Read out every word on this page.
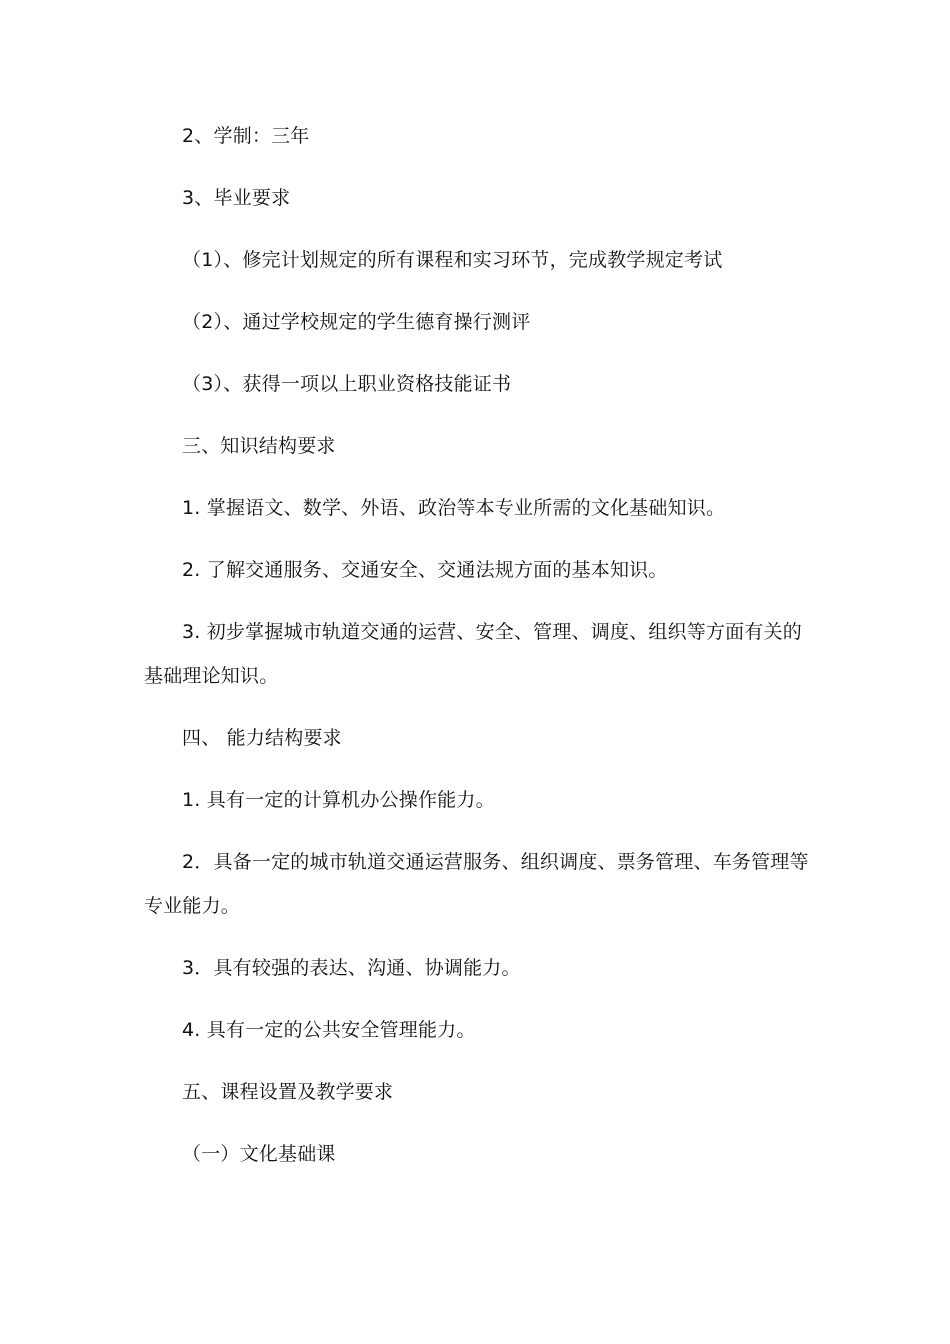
2、学制：三年
3、毕业要求
（1）、修完计划规定的所有课程和实习环节，完成教学规定考试
（2）、通过学校规定的学生德育操行测评
（3）、获得一项以上职业资格技能证书
三、知识结构要求
1. 掌握语文、数学、外语、政治等本专业所需的文化基础知识。
2. 了解交通服务、交通安全、交通法规方面的基本知识。
3. 初步掌握城市轨道交通的运营、安全、管理、调度、组织等方面有关的
基础理论知识。
四、 能力结构要求
1. 具有一定的计算机办公操作能力。
2．具备一定的城市轨道交通运营服务、组织调度、票务管理、车务管理等
专业能力。
3．具有较强的表达、沟通、协调能力。
4. 具有一定的公共安全管理能力。
五、课程设置及教学要求
（一）文化基础课
